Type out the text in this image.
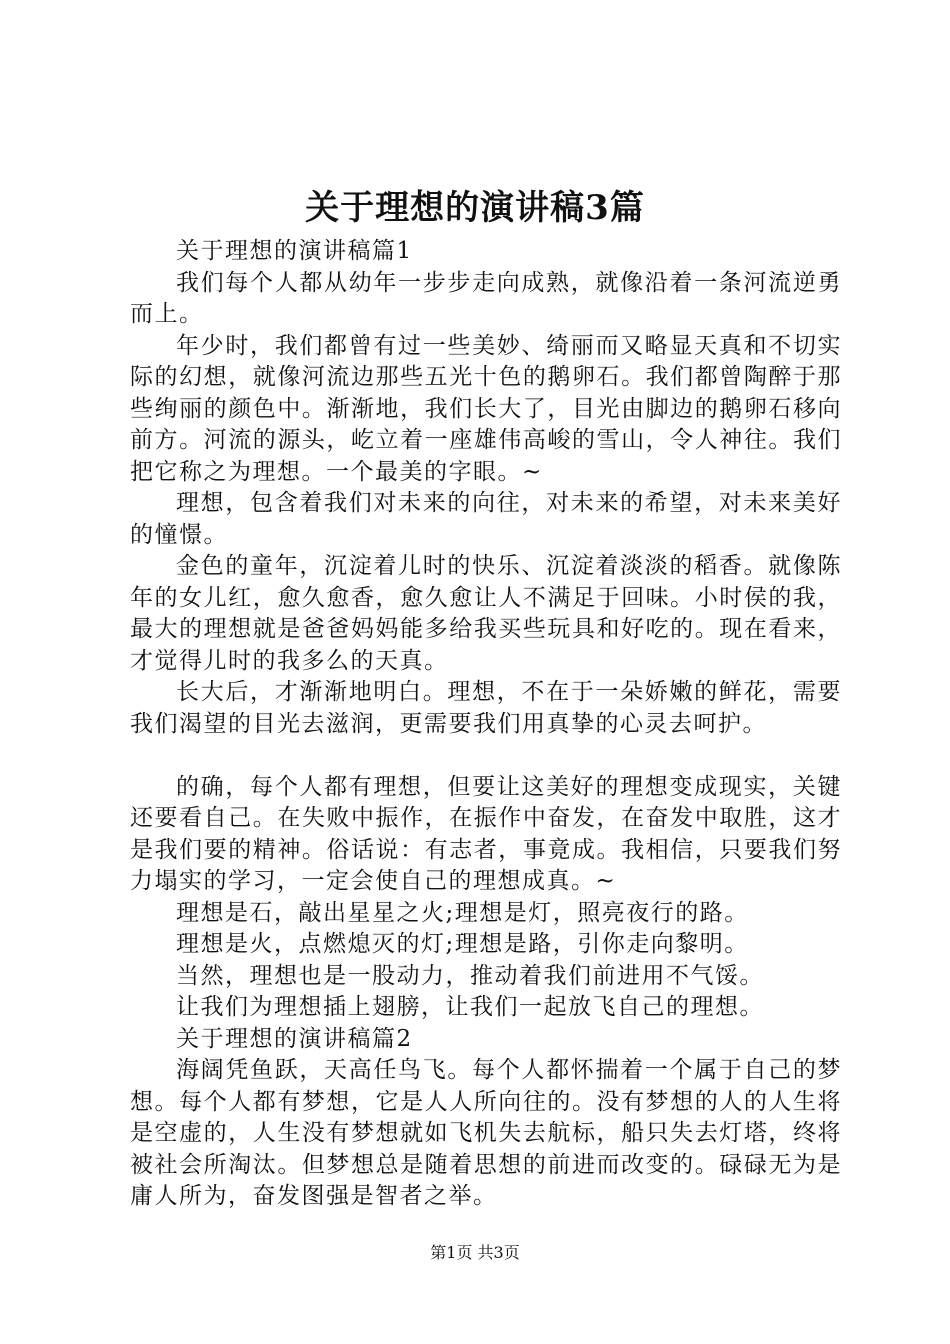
关于理想的演讲稿3篇

关于理想的演讲稿篇1

我们每个人都从幼年一步步走向成熟，就像沿着一条河流逆勇而上。

年少时，我们都曾有过一些美妙、绮丽而又略显天真和不切实际的幻想，就像河流边那些五光十色的鹅卵石。我们都曾陶醉于那些绚丽的颜色中。渐渐地，我们长大了，目光由脚边的鹅卵石移向前方。河流的源头，屹立着一座雄伟高峻的雪山，令人神往。我们把它称之为理想。一个最美的字眼。~

理想，包含着我们对未来的向往，对未来的希望，对未来美好的憧憬。

金色的童年，沉淀着儿时的快乐、沉淀着淡淡的稻香。就像陈年的女儿红，愈久愈香，愈久愈让人不满足于回味。小时侯的我，最大的理想就是爸爸妈妈能多给我买些玩具和好吃的。现在看来，才觉得儿时的我多么的天真。

长大后，才渐渐地明白。理想，不在于一朵娇嫩的鲜花，需要我们渴望的目光去滋润，更需要我们用真挚的心灵去呵护。

的确，每个人都有理想，但要让这美好的理想变成现实，关键还要看自己。在失败中振作，在振作中奋发，在奋发中取胜，这才是我们要的精神。俗话说：有志者，事竟成。我相信，只要我们努力塌实的学习，一定会使自己的理想成真。~

理想是石，敲出星星之火;理想是灯，照亮夜行的路。

理想是火，点燃熄灭的灯;理想是路，引你走向黎明。

当然，理想也是一股动力，推动着我们前进用不气馁。

让我们为理想插上翅膀，让我们一起放飞自己的理想。

关于理想的演讲稿篇2

海阔凭鱼跃，天高任鸟飞。每个人都怀揣着一个属于自己的梦想。每个人都有梦想，它是人人所向往的。没有梦想的人的人生将是空虚的，人生没有梦想就如飞机失去航标，船只失去灯塔，终将被社会所淘汰。但梦想总是随着思想的前进而改变的。碌碌无为是庸人所为，奋发图强是智者之举。

第1页 共3页
